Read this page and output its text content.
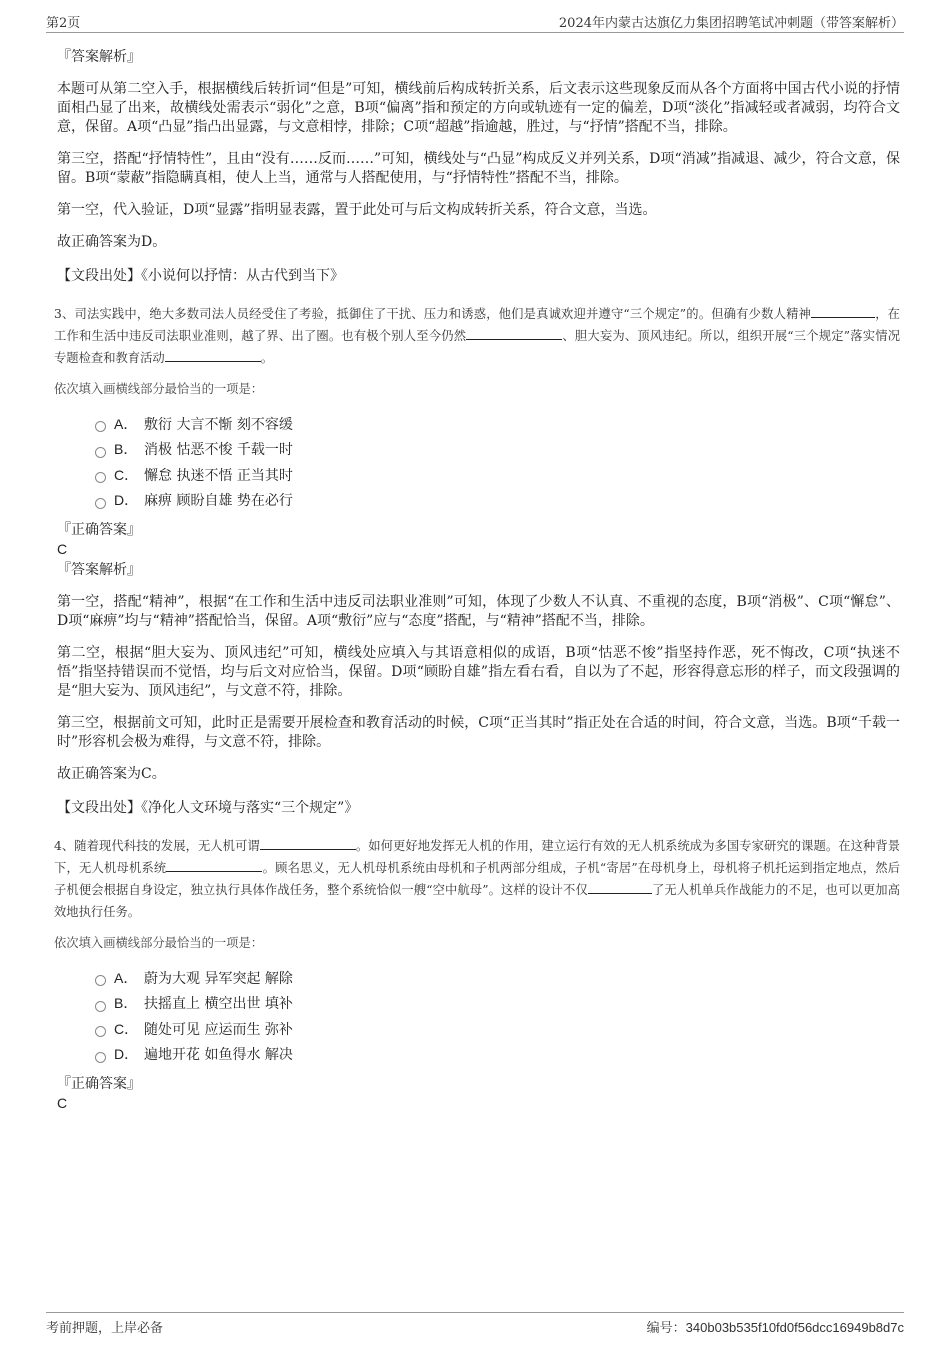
第2页	2024年内蒙古达旗亿力集团招聘笔试冲刺题（带答案解析）
『答案解析』

本题可从第二空入手，根据横线后转折词“但是”可知，横线前后构成转折关系，后文表示这些现象反而从各个方面将中国古代小说的抒情面相凸显了出来，故横线处需表示“弱化”之意，B项“偏离”指和预定的方向或轨迹有一定的偏差，D项“淡化”指减轻或者减弱，均符合文意，保留。A项“凸显”指凸出显露，与文意相悖，排除；C项“超越”指逾越，胜过，与“抒情”搭配不当，排除。

第三空，搭配“抒情特性”，且由“没有……反而……”可知，横线处与“凸显”构成反义并列关系，D项“消减”指减退、减少，符合文意，保留。B项“蒙蔽”指隐瞒真相，使人上当，通常与人搭配使用，与“抒情特性”搭配不当，排除。

第一空，代入验证，D项“显露”指明显表露，置于此处可与后文构成转折关系，符合文意，当选。

故正确答案为D。

【文段出处】《小说何以抒情：从古代到当下》
3、司法实践中，绝大多数司法人员经受住了考验，抵御住了干扰、压力和诱惑，他们是真诚欢迎并遵守“三个规定”的。但确有少数人精神	，在工作和生活中违反司法职业准则，越了界、出了圈。也有极个别人至今仍然	、胆大妄为、顶风违纪。所以，组织开展“三个规定”落实情况专题检查和教育活动	。
依次填入画横线部分最恰当的一项是：
A． 敷衍 大言不惭 刻不容缓
B． 消极 怙恶不悛 千载一时
C． 懈怠 执迷不悟 正当其时
D． 麻痹 顾盼自雄 势在必行
『正确答案』
C
『答案解析』

第一空，搭配“精神”，根据“在工作和生活中违反司法职业准则”可知，体现了少数人不认真、不重视的态度，B项“消极”、C项“懈怠”、D项“麻痹”均与“精神”搭配恰当，保留。A项“敷衍”应与“态度”搭配，与“精神”搭配不当，排除。

第二空，根据“胆大妄为、顶风违纪”可知，横线处应填入与其语意相似的成语，B项“怙恶不悛”指坚持作恶，死不悔改，C项“执迷不悟”指坚持错误而不觉悟，均与后文对应恰当，保留。D项“顾盼自雄”指左看右看，自以为了不起，形容得意忘形的样子，而文段强调的是“胆大妄为、顶风违纪”，与文意不符，排除。

第三空，根据前文可知，此时正是需要开展检查和教育活动的时候，C项“正当其时”指正处在合适的时间，符合文意，当选。B项“千载一时”形容机会极为难得，与文意不符，排除。

故正确答案为C。

【文段出处】《净化人文环境与落实“三个规定”》
4、随着现代科技的发展，无人机可谓	。如何更好地发挥无人机的作用，建立运行有效的无人机系统成为多国专家研究的课题。在这种背景下，无人机母机系统	。顾名思义，无人机母机系统由母机和子机两部分组成，子机“寄居”在母机身上，母机将子机托运到指定地点，然后子机便会根据自身设定，独立执行具体作战任务，整个系统恰似一艘“空中航母”。这样的设计不仅	了无人机单兵作战能力的不足，也可以更加高效地执行任务。
依次填入画横线部分最恰当的一项是：
A． 蔚为大观 异军突起 解除
B． 扶摇直上 横空出世 填补
C． 随处可见 应运而生 弥补
D． 遍地开花 如鱼得水 解决
『正确答案』
C
考前押题，上岸必备	编号：340b03b535f10fd0f56dcc16949b8d7c
